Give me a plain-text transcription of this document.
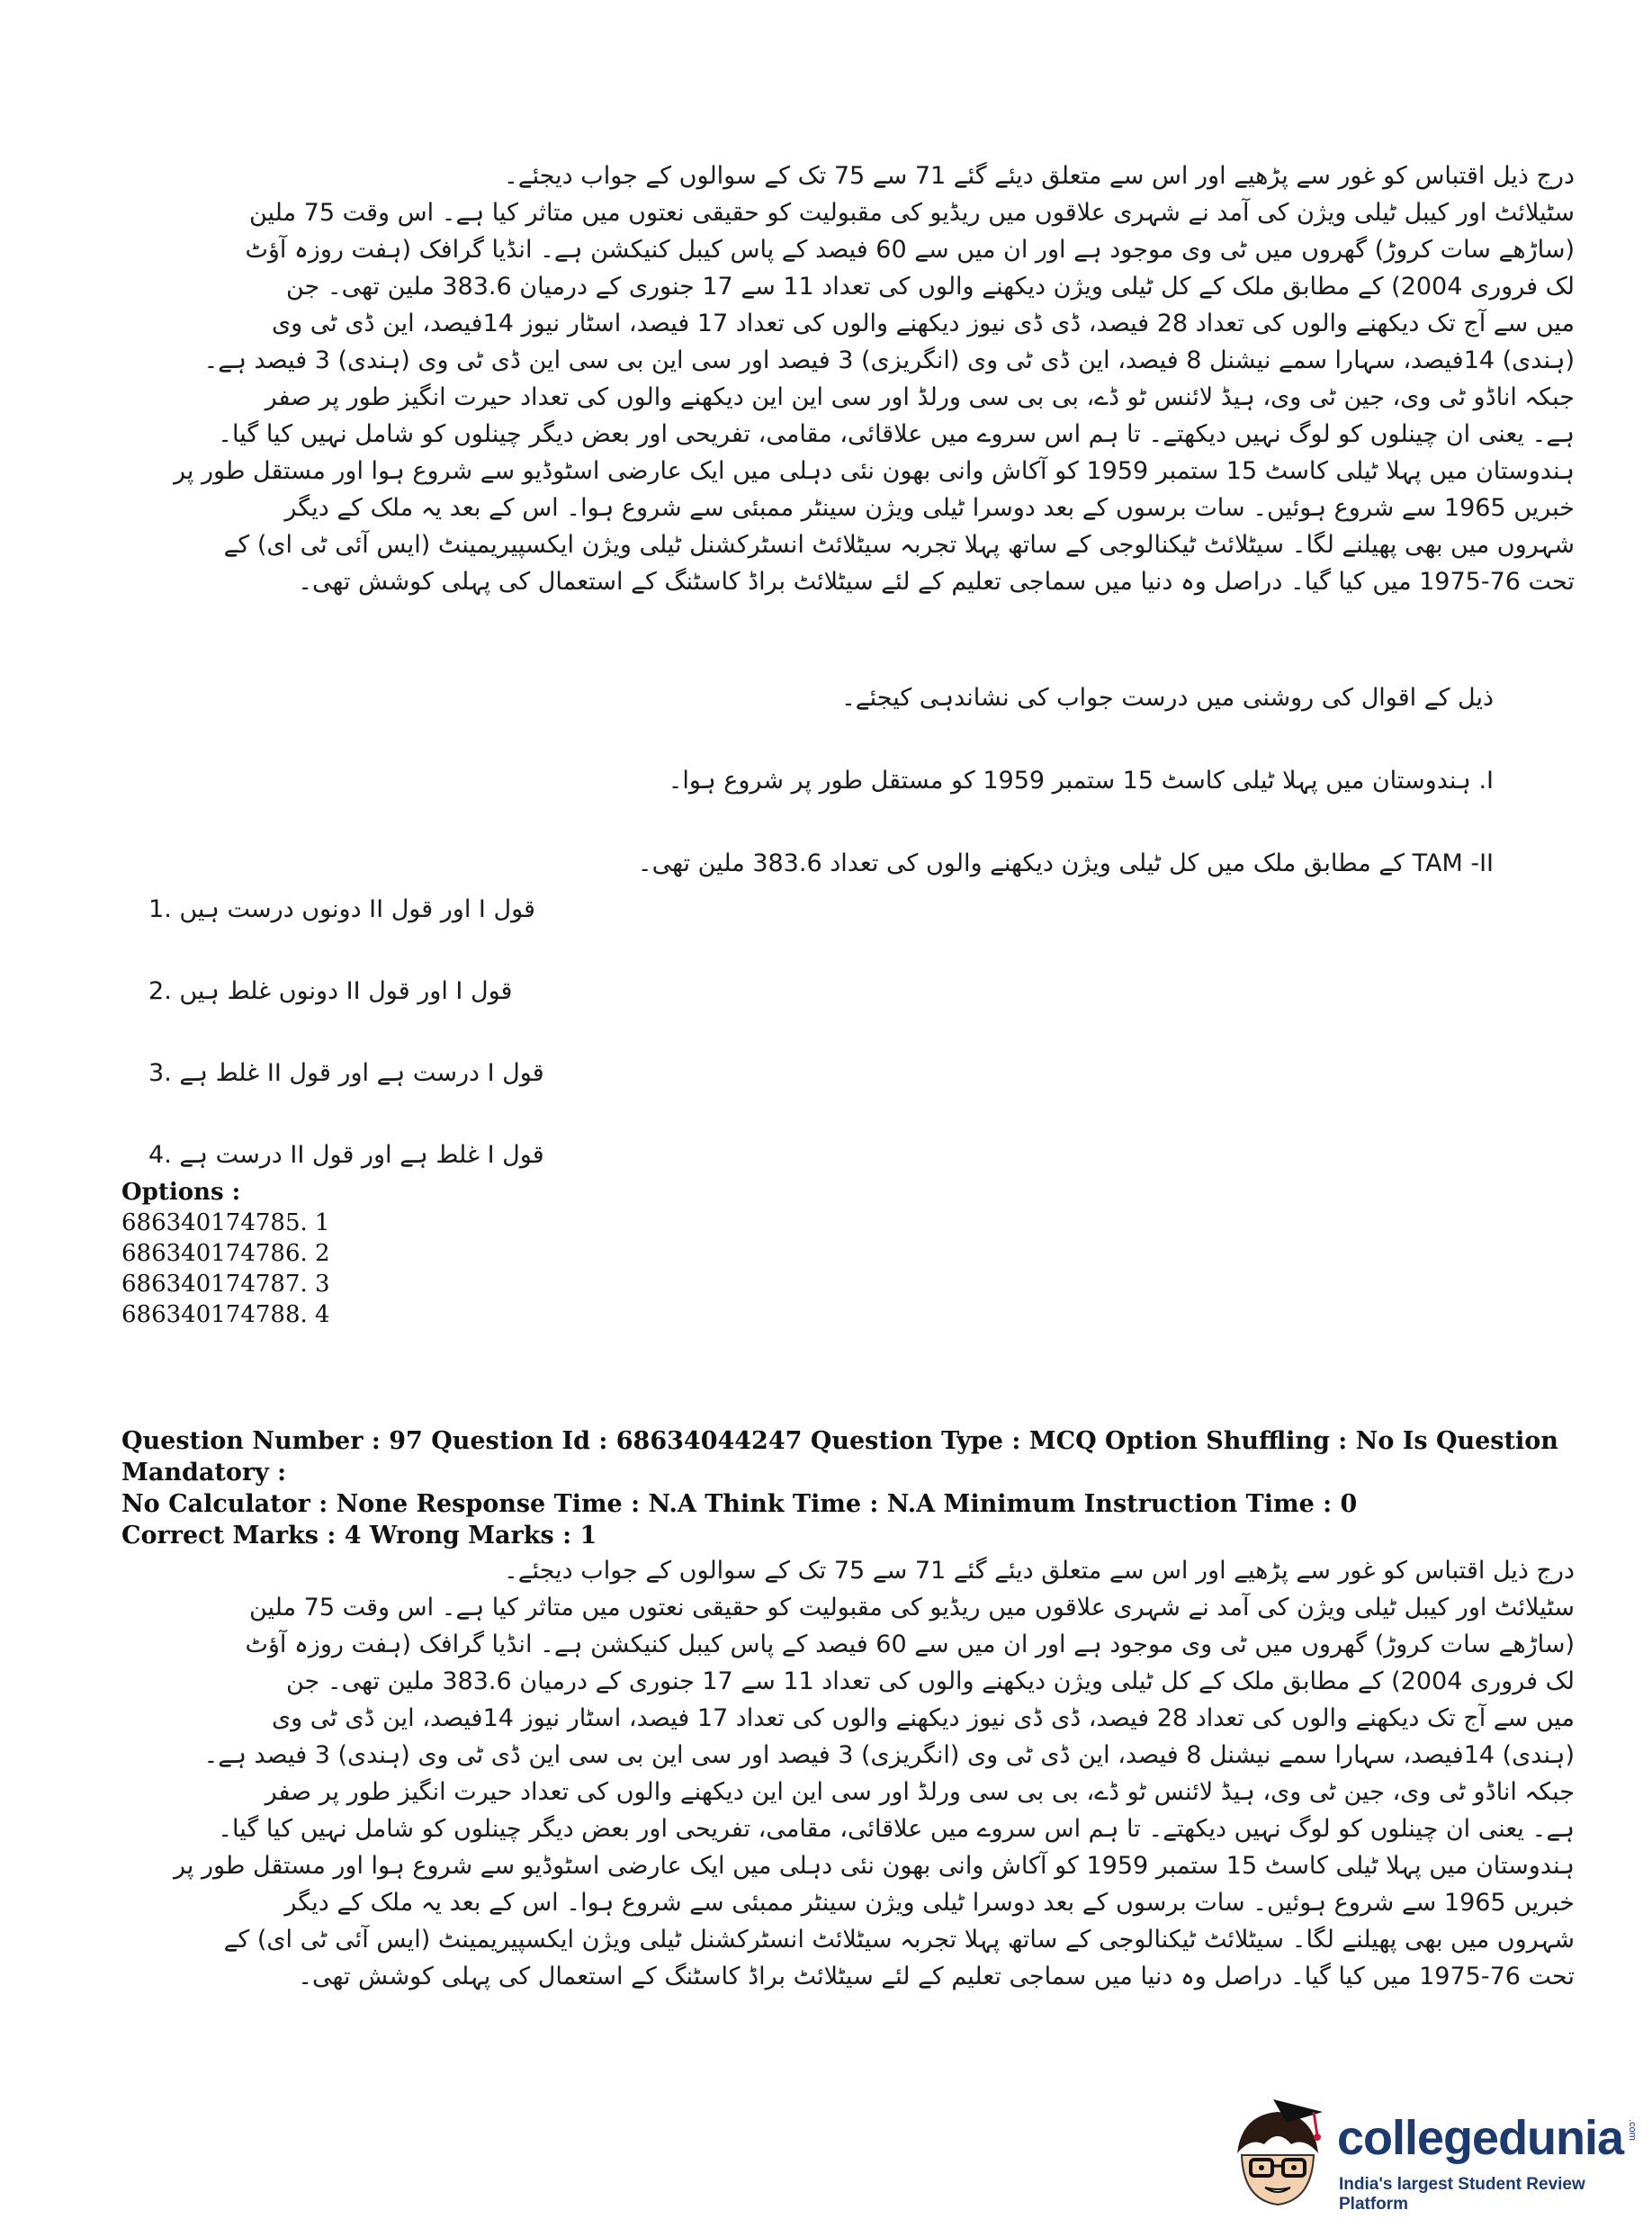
درج ذیل اقتباس کو غور سے پڑھیے اور اس سے متعلق دیئے گئے 71 سے 75 تک کے سوالوں کے جواب دیجئے۔

سٹیلائٹ اور کیبل ٹیلی ویژن کی آمد نے شہری علاقوں میں ریڈیو کی مقبولیت کو حقیقی نعتوں میں متاثر کیا ہے۔ اس وقت 75 ملین

(ساڑھے سات کروڑ) گھروں میں ٹی وی موجود ہے اور ان میں سے 60 فیصد کے پاس کیبل کنیکشن ہے۔ انڈیا گرافک (ہفت روزہ آؤٹ

لک فروری 2004) کے مطابق ملک کے کل ٹیلی ویژن دیکھنے والوں کی تعداد 11 سے 17 جنوری کے درمیان 383.6 ملین تھی۔ جن

میں سے آج تک دیکھنے والوں کی تعداد 28 فیصد، ڈی ڈی نیوز دیکھنے والوں کی تعداد 17 فیصد، اسٹار نیوز 14فیصد، این ڈی ٹی وی

(ہندی) 14فیصد، سہارا سمے نیشنل 8 فیصد، این ڈی ٹی وی (انگریزی) 3 فیصد اور سی این بی سی این ڈی ٹی وی (ہندی) 3 فیصد ہے۔

جبکہ اناڈو ٹی وی، جین ٹی وی، ہیڈ لائنس ٹو ڈے، بی بی سی ورلڈ اور سی این این دیکھنے والوں کی تعداد حیرت انگیز طور پر صفر

ہے۔ یعنی ان چینلوں کو لوگ نہیں دیکھتے۔ تا ہم اس سروے میں علاقائی، مقامی، تفریحی اور بعض دیگر چینلوں کو شامل نہیں کیا گیا۔

ہندوستان میں پہلا ٹیلی کاسٹ 15 ستمبر 1959 کو آکاش وانی بھون نئی دہلی میں ایک عارضی اسٹوڈیو سے شروع ہوا اور مستقل طور پر

خبریں 1965 سے شروع ہوئیں۔ سات برسوں کے بعد دوسرا ٹیلی ویژن سینٹر ممبئی سے شروع ہوا۔ اس کے بعد یہ ملک کے دیگر

شہروں میں بھی پھیلنے لگا۔ سیٹلائٹ ٹیکنالوجی کے ساتھ پہلا تجربہ سیٹلائٹ انسٹرکشنل ٹیلی ویژن ایکسپیریمینٹ (ایس آئی ٹی ای) کے

تحت 76-1975 میں کیا گیا۔ دراصل وہ دنیا میں سماجی تعلیم کے لئے سیٹلائٹ براڈ کاسٹنگ کے استعمال کی پہلی کوشش تھی۔

ذیل کے اقوال کی روشنی میں درست جواب کی نشاندہی کیجئے۔
I. ہندوستان میں پہلا ٹیلی کاسٹ 15 ستمبر 1959 کو مستقل طور پر شروع ہوا۔
TAM -II کے مطابق ملک میں کل ٹیلی ویژن دیکھنے والوں کی تعداد 383.6 ملین تھی۔
قول I اور قول II دونوں درست ہیں .1
قول I اور قول II دونوں غلط ہیں .2
قول I درست ہے اور قول II غلط ہے .3
قول I غلط ہے اور قول II درست ہے .4
Options :
686340174785. 1
686340174786. 2
686340174787. 3
686340174788. 4
Question Number : 97 Question Id : 68634044247 Question Type : MCQ Option Shuffling : No Is Question Mandatory :
No Calculator : None Response Time : N.A Think Time : N.A Minimum Instruction Time : 0
Correct Marks : 4 Wrong Marks : 1

درج ذیل اقتباس کو غور سے پڑھیے اور اس سے متعلق دیئے گئے 71 سے 75 تک کے سوالوں کے جواب دیجئے۔

سٹیلائٹ اور کیبل ٹیلی ویژن کی آمد نے شہری علاقوں میں ریڈیو کی مقبولیت کو حقیقی نعتوں میں متاثر کیا ہے۔ اس وقت 75 ملین

(ساڑھے سات کروڑ) گھروں میں ٹی وی موجود ہے اور ان میں سے 60 فیصد کے پاس کیبل کنیکشن ہے۔ انڈیا گرافک (ہفت روزہ آؤٹ

لک فروری 2004) کے مطابق ملک کے کل ٹیلی ویژن دیکھنے والوں کی تعداد 11 سے 17 جنوری کے درمیان 383.6 ملین تھی۔ جن

میں سے آج تک دیکھنے والوں کی تعداد 28 فیصد، ڈی ڈی نیوز دیکھنے والوں کی تعداد 17 فیصد، اسٹار نیوز 14فیصد، این ڈی ٹی وی

(ہندی) 14فیصد، سہارا سمے نیشنل 8 فیصد، این ڈی ٹی وی (انگریزی) 3 فیصد اور سی این بی سی این ڈی ٹی وی (ہندی) 3 فیصد ہے۔

جبکہ اناڈو ٹی وی، جین ٹی وی، ہیڈ لائنس ٹو ڈے، بی بی سی ورلڈ اور سی این این دیکھنے والوں کی تعداد حیرت انگیز طور پر صفر

ہے۔ یعنی ان چینلوں کو لوگ نہیں دیکھتے۔ تا ہم اس سروے میں علاقائی، مقامی، تفریحی اور بعض دیگر چینلوں کو شامل نہیں کیا گیا۔

ہندوستان میں پہلا ٹیلی کاسٹ 15 ستمبر 1959 کو آکاش وانی بھون نئی دہلی میں ایک عارضی اسٹوڈیو سے شروع ہوا اور مستقل طور پر

خبریں 1965 سے شروع ہوئیں۔ سات برسوں کے بعد دوسرا ٹیلی ویژن سینٹر ممبئی سے شروع ہوا۔ اس کے بعد یہ ملک کے دیگر

شہروں میں بھی پھیلنے لگا۔ سیٹلائٹ ٹیکنالوجی کے ساتھ پہلا تجربہ سیٹلائٹ انسٹرکشنل ٹیلی ویژن ایکسپیریمینٹ (ایس آئی ٹی ای) کے

تحت 76-1975 میں کیا گیا۔ دراصل وہ دنیا میں سماجی تعلیم کے لئے سیٹلائٹ براڈ کاسٹنگ کے استعمال کی پہلی کوشش تھی۔

collegedunia
India's largest Student Review Platform
.com
